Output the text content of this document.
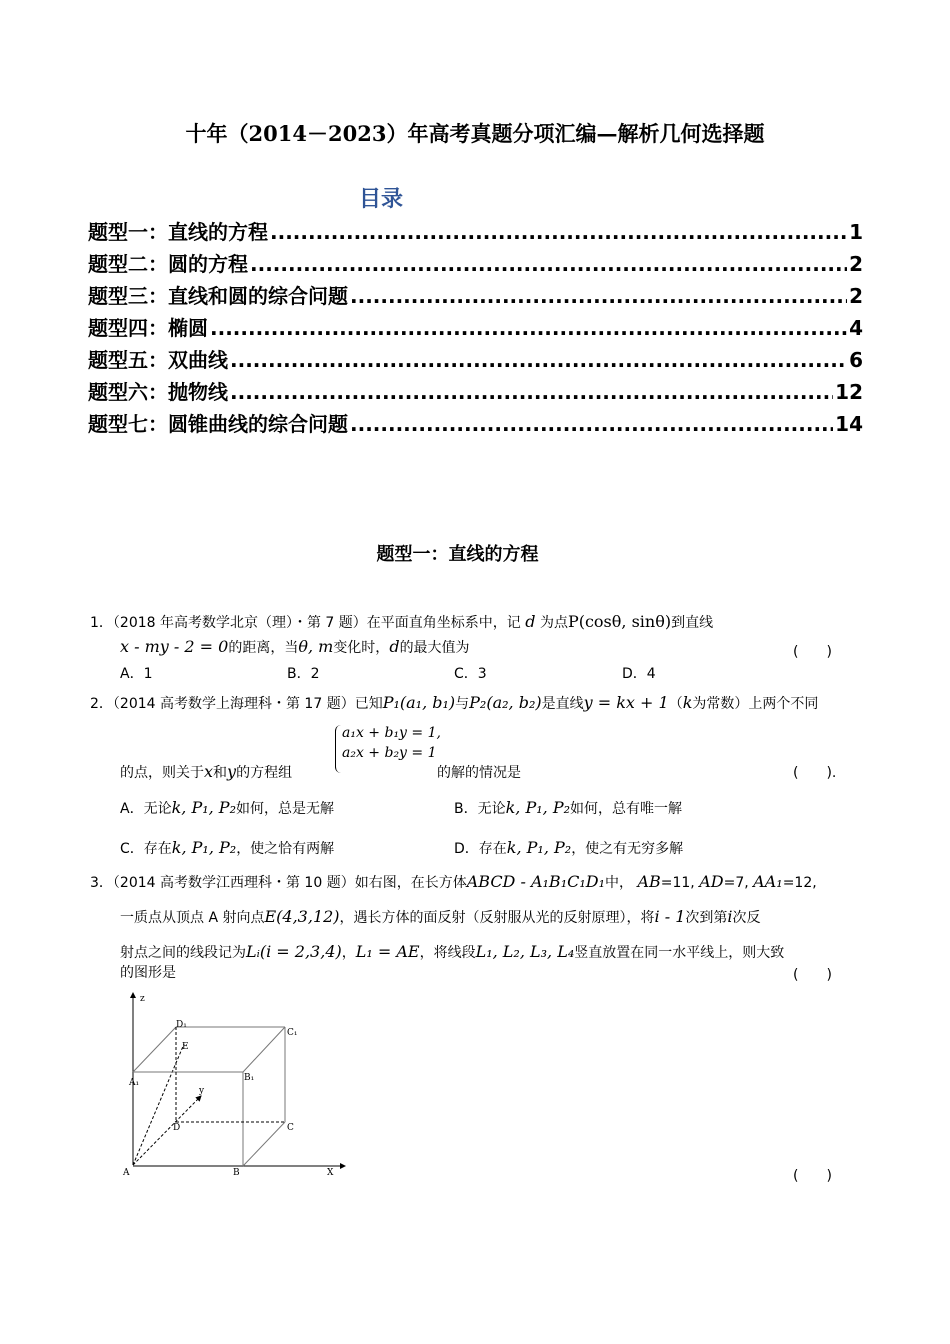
十年（2014－2023）年高考真题分项汇编—解析几何选择题
目录
题型一：直线的方程 .....	1
题型二：圆的方程 .....	2
题型三：直线和圆的综合问题 .....	2
题型四：椭圆 .....	4
题型五：双曲线 .....	6
题型六：抛物线 .....	12
题型七：圆锥曲线的综合问题 .....	14
题型一：直线的方程
1．（2018 年高考数学北京（理）・第 7 题）在平面直角坐标系中，记 d 为点P(cosθ, sinθ)到直线
x - my - 2 = 0的距离，当θ, m变化时，d的最大值为	(　　)
A．1	B．2	C．3	D．4
2．（2014 高考数学上海理科・第 17 题）已知P₁(a₁, b₁)与P₂(a₂, b₂)是直线y = kx + 1（k为常数）上两个不同
a₁x + b₁y = 1,
a₂x + b₂y = 1
的点，则关于x和y的方程组	的解的情况是	(　　).
A．无论k, P₁, P₂如何，总是无解	B．无论k, P₁, P₂如何，总有唯一解
C．存在k, P₁, P₂，使之恰有两解	D．存在k, P₁, P₂，使之有无穷多解
3．（2014 高考数学江西理科・第 10 题）如右图，在长方体ABCD - A₁B₁C₁D₁中， AB=11, AD=7, AA₁=12,
一质点从顶点 A 射向点E(4,3,12)，遇长方体的面反射（反射服从光的反射原理），将i - 1次到第i次反
射点之间的线段记为Lᵢ(i = 2,3,4)，L₁ = AE，将线段L₁, L₂, L₃, L₄竖直放置在同一水平线上，则大致
的图形是	(　　)
z
D₁
C₁
E
A₁	B₁
y
D	C
A	B	X	(　　)
